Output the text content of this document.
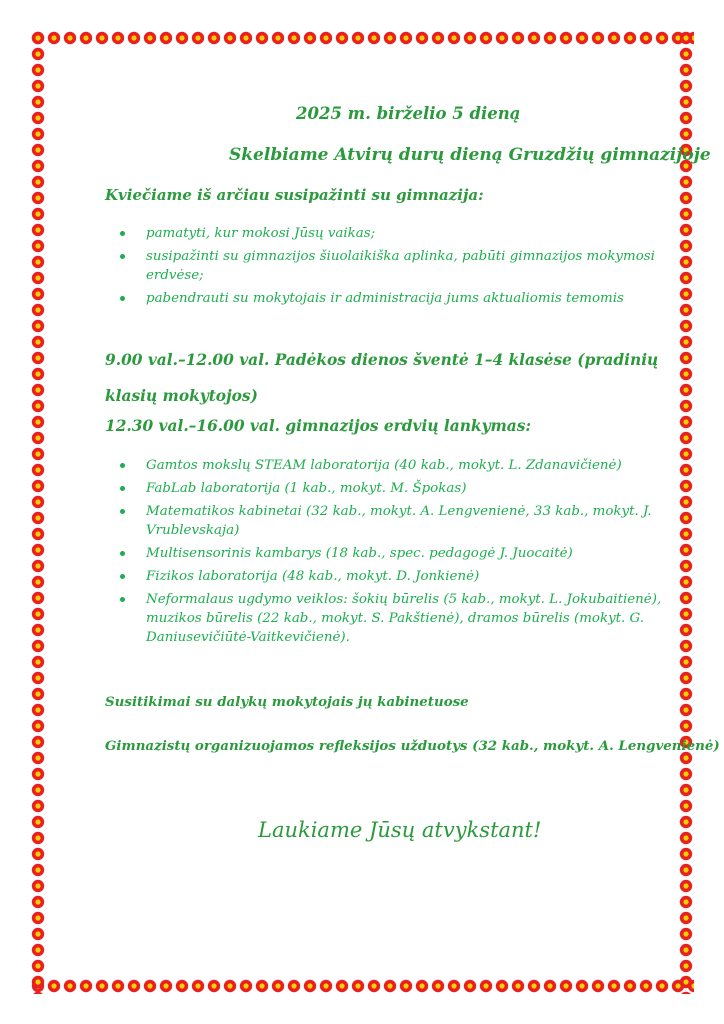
2025 m. birželio 5 dieną
Skelbiame Atvirų durų dieną Gruzdžių gimnazijoje
Kviečiame iš arčiau susipažinti su gimnazija:
pamatyti, kur mokosi Jūsų vaikas;
susipažinti su gimnazijos šiuolaikiška aplinka, pabūti gimnazijos mokymosi erdvėse;
pabendrauti su mokytojais ir administracija jums aktualiomis temomis
9.00 val.–12.00 val. Padėkos dienos šventė 1–4 klasėse (pradinių klasių mokytojos)
12.30 val.–16.00 val. gimnazijos erdvių lankymas:
Gamtos mokslų STEAM laboratorija (40 kab., mokyt. L. Zdanavičienė)
FabLab laboratorija (1 kab., mokyt. M. Špokas)
Matematikos kabinetai (32 kab., mokyt. A. Lengvenienė, 33 kab., mokyt. J. Vrublevskaja)
Multisensorinis kambarys (18 kab., spec. pedagogė J. Juocaitė)
Fizikos laboratorija (48 kab., mokyt. D. Jonkienė)
Neformalaus ugdymo veiklos: šokių būrelis (5 kab., mokyt. L. Jokubaitienė), muzikos būrelis (22 kab., mokyt. S. Pakštienė), dramos būrelis (mokyt. G. Daniusevičiūtė-Vaitkevičienė).
Susitikimai su dalykų mokytojais jų kabinetuose
Gimnazistų organizuojamos refleksijos užduotys (32 kab., mokyt. A. Lengvenienė)
Laukiame Jūsų atvykstant!
